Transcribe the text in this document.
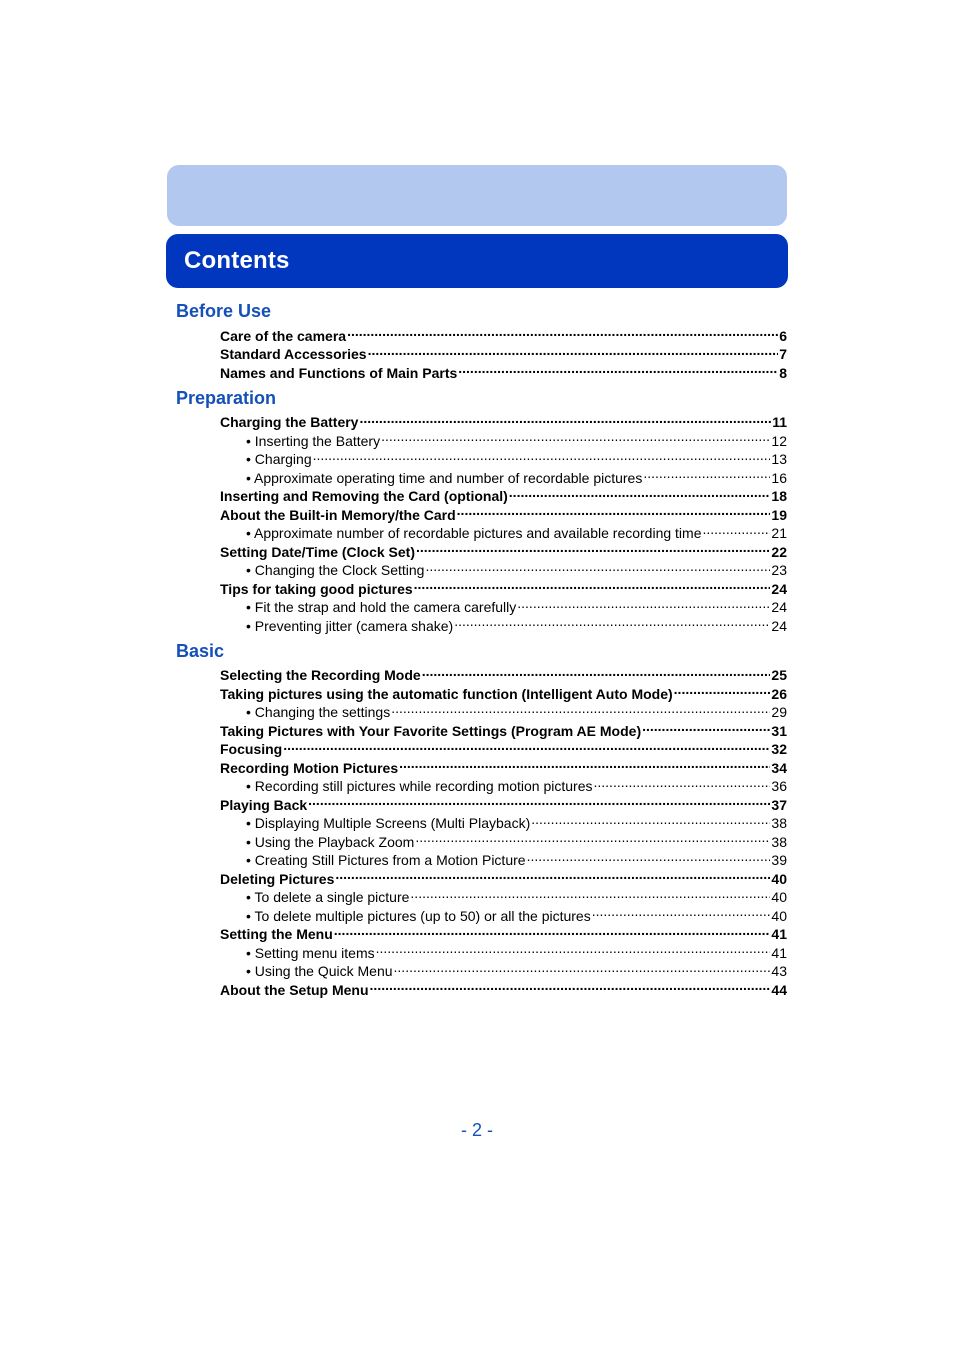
Contents
Before Use
Care of the camera .....	6
Standard Accessories .....	7
Names and Functions of Main Parts .....	8
Preparation
Charging the Battery .....	11
• Inserting the Battery .....	12
• Charging .....	13
• Approximate operating time and number of recordable pictures .....	16
Inserting and Removing the Card (optional) .....	18
About the Built-in Memory/the Card .....	19
• Approximate number of recordable pictures and available recording time .....	21
Setting Date/Time (Clock Set) .....	22
• Changing the Clock Setting .....	23
Tips for taking good pictures .....	24
• Fit the strap and hold the camera carefully .....	24
• Preventing jitter (camera shake) .....	24
Basic
Selecting the Recording Mode .....	25
Taking pictures using the automatic function (Intelligent Auto Mode) .....	26
• Changing the settings .....	29
Taking Pictures with Your Favorite Settings (Program AE Mode) .....	31
Focusing .....	32
Recording Motion Pictures .....	34
• Recording still pictures while recording motion pictures .....	36
Playing Back .....	37
• Displaying Multiple Screens (Multi Playback) .....	38
• Using the Playback Zoom .....	38
• Creating Still Pictures from a Motion Picture .....	39
Deleting Pictures .....	40
• To delete a single picture .....	40
• To delete multiple pictures (up to 50) or all the pictures .....	40
Setting the Menu .....	41
• Setting menu items .....	41
• Using the Quick Menu .....	43
About the Setup Menu .....	44
- 2 -
